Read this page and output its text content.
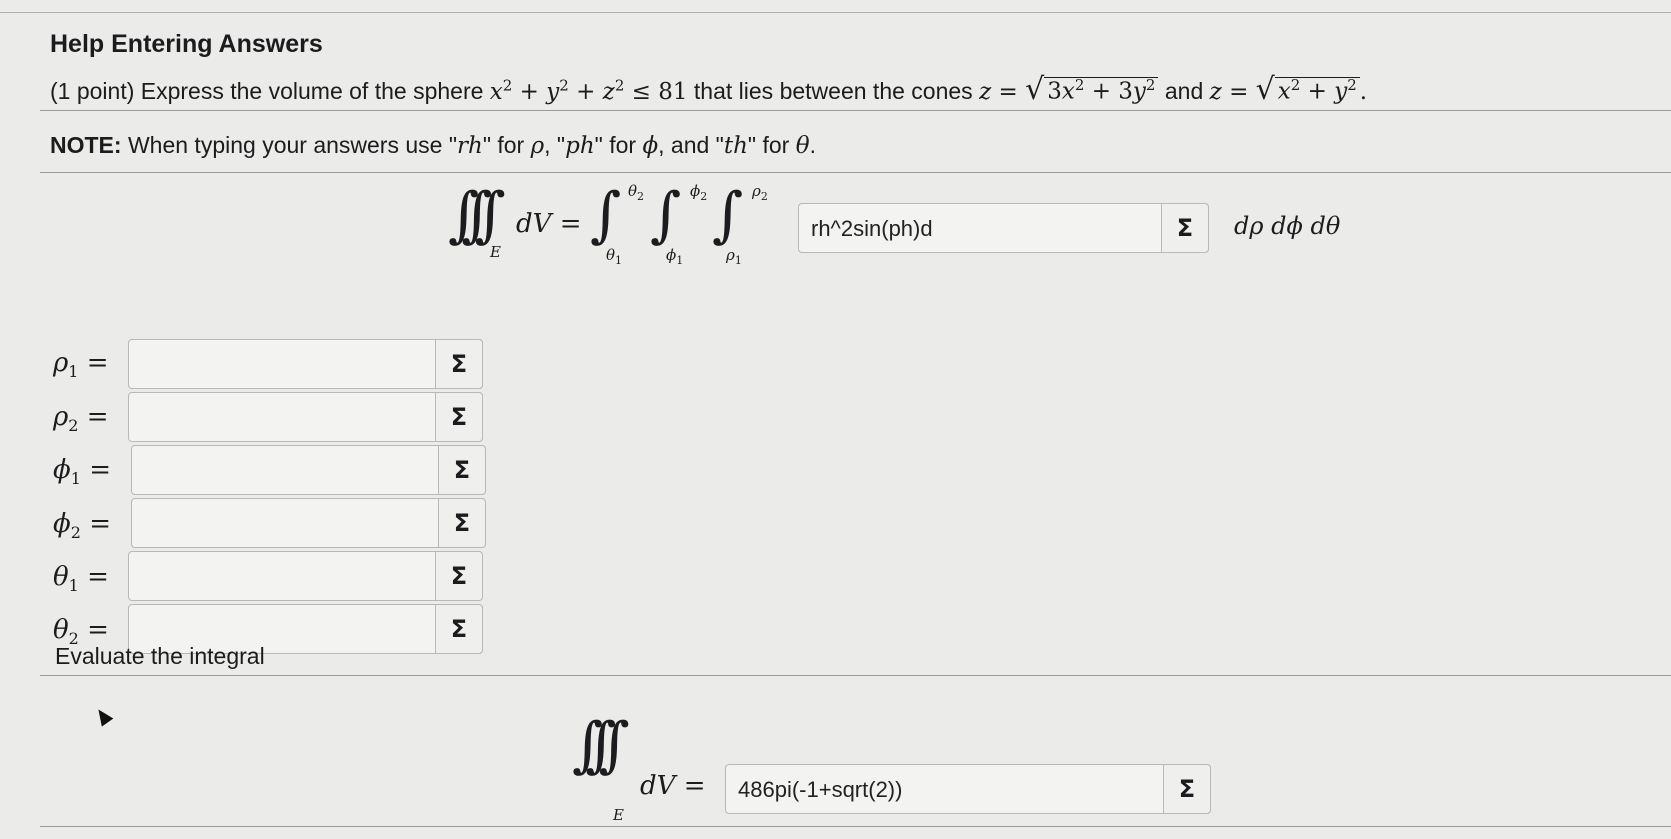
Help Entering Answers
(1 point) Express the volume of the sphere $x^2 + y^2 + z^2 \le 81$ that lies between the cones z = √ $3x^2 + 3y^2$ and z = √ $x^2 + y^2$ .
NOTE: When typing your answers use "rh" for ρ, "ph" for ϕ, and "th" for θ.
∫∫∫
E
dV = ∫ $\theta_2$
$\theta_1$
∫ $\phi_2$
$\phi_1$
∫ $\rho_2$
$\rho_1$
rh^2sin(ph)d	Σ	dρ dϕ dθ
$\rho_1$ =	Σ
$\rho_2$ =	Σ
$\phi_1$ =	Σ
$\phi_2$ =	Σ
$\theta_1$ =	Σ
$\theta_2$ =	Σ
Evaluate the integral
∫∫∫
E
dV = 486pi(-1+sqrt(2))	Σ
